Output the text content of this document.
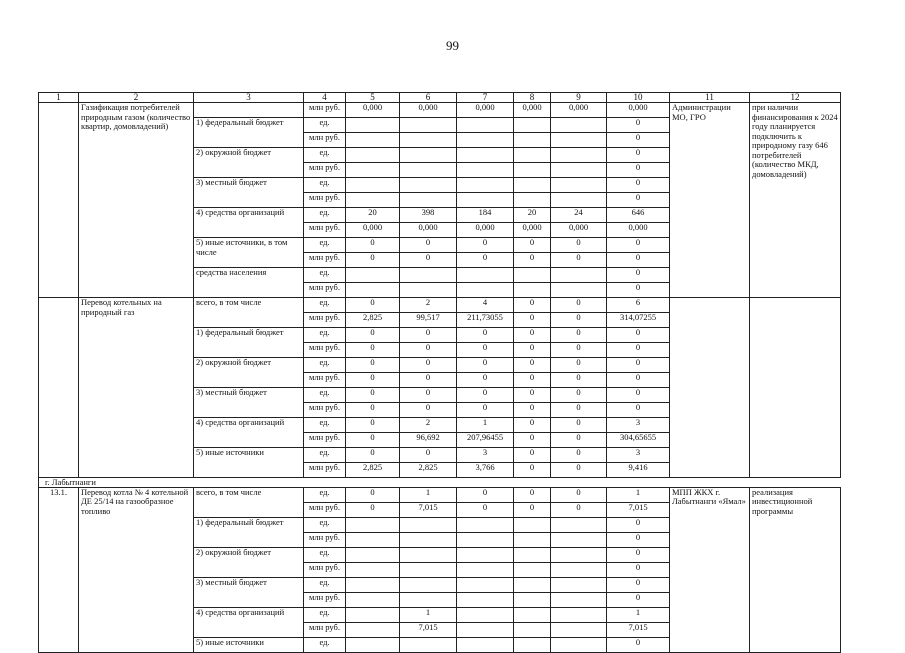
99
1	2	3	4	5	6	7	8	9	10	11	12
	Газификация потребителей природным газом (количество квартир, домовладений)		млн руб.	0,000	0,000	0,000	0,000	0,000	0,000	Администрации МО, ГРО	при наличии финансирования к 2024 году планируется подключить к природному газу 646 потребителей (количество МКД, домовладений)
		1) федеральный бюджет	ед.						0		
			млн руб.						0		
		2) окружной бюджет	ед.						0		
			млн руб.						0		
		3) местный бюджет	ед.						0		
			млн руб.						0		
		4) средства организаций	ед.	20	398	184	20	24	646		
			млн руб.	0,000	0,000	0,000	0,000	0,000	0,000		
		5) иные источники, в том числе	ед.	0	0	0	0	0	0		
			млн руб.	0	0	0	0	0	0		
		средства населения	ед.						0		
			млн руб.						0		
	Перевод котельных на природный газ	всего, в том числе	ед.	0	2	4	0	0	6		
			млн руб.	2,825	99,517	211,73055	0	0	314,07255		
		1) федеральный бюджет	ед.	0	0	0	0	0	0		
			млн руб.	0	0	0	0	0	0		
		2) окружной бюджет	ед.	0	0	0	0	0	0		
			млн руб.	0	0	0	0	0	0		
		3) местный бюджет	ед.	0	0	0	0	0	0		
			млн руб.	0	0	0	0	0	0		
		4) средства организаций	ед.	0	2	1	0	0	3		
			млн руб.	0	96,692	207,96455	0	0	304,65655		
		5) иные источники	ед.	0	0	3	0	0	3		
			млн руб.	2,825	2,825	3,766	0	0	9,416		
г. Лабытнанги											
13.1.	Перевод котла № 4 котельной ДЕ 25/14 на газообразное топливо	всего, в том числе	ед.	0	1	0	0	0	1	МПП ЖКХ г. Лабытнанги «Ямал»	реализация инвестиционной программы
			млн руб.	0	7,015	0	0	0	7,015		
		1) федеральный бюджет	ед.						0		
			млн руб.						0		
		2) окружной бюджет	ед.						0		
			млн руб.						0		
		3) местный бюджет	ед.						0		
			млн руб.						0		
		4) средства организаций	ед.		1				1		
			млн руб.		7,015				7,015		
		5) иные источники	ед.						0		
